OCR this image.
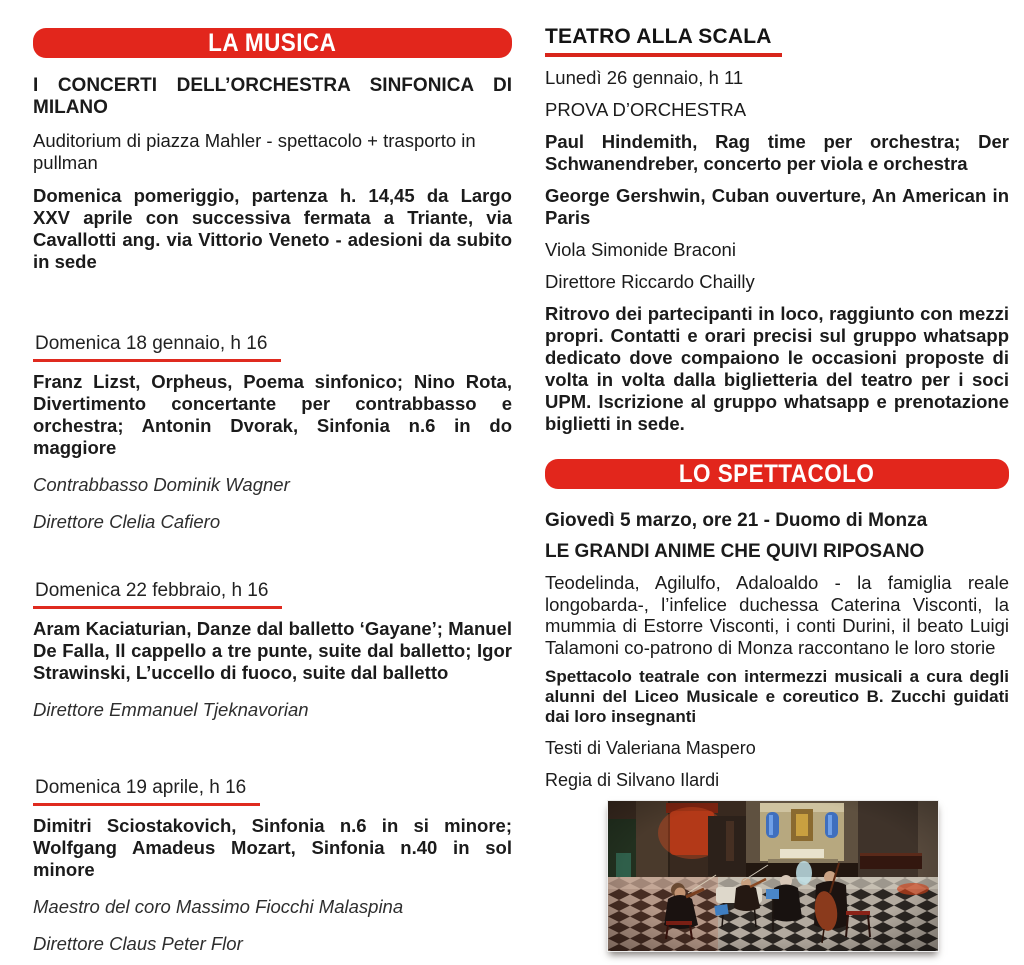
LA MUSICA

I CONCERTI DELL’ORCHESTRA SINFONICA DI MILANO

Auditorium di piazza Mahler - spettacolo + trasporto in pullman

Domenica pomeriggio, partenza h. 14,45 da Largo XXV aprile con successiva fermata a Triante, via Cavallotti ang. via Vittorio Veneto - adesioni da subito in sede

Domenica 18 gennaio, h 16

Franz Lizst, Orpheus, Poema sinfonico; Nino Rota, Divertimento concertante per contrabbasso e orchestra; Antonin Dvorak, Sinfonia n.6 in do maggiore

Contrabbasso Dominik Wagner

Direttore Clelia Cafiero

Domenica 22 febbraio, h 16

Aram Kaciaturian, Danze dal balletto ‘Gayane’; Manuel De Falla, Il cappello a tre punte, suite dal balletto; Igor Strawinski, L’uccello di fuoco, suite dal balletto

Direttore Emmanuel Tjeknavorian

Domenica 19 aprile, h 16

Dimitri Sciostakovich, Sinfonia n.6 in si minore; Wolfgang Amadeus Mozart, Sinfonia n.40 in sol minore

Maestro del coro Massimo Fiocchi Malaspina

Direttore Claus Peter Flor

TEATRO ALLA SCALA

Lunedì 26 gennaio, h 11

PROVA D’ORCHESTRA

Paul Hindemith, Rag time per orchestra; Der Schwanendreber, concerto per viola e orchestra

George Gershwin, Cuban ouverture, An American in Paris

Viola Simonide Braconi

Direttore Riccardo Chailly

Ritrovo dei partecipanti in loco, raggiunto con mezzi propri. Contatti e orari precisi sul gruppo whatsapp dedicato dove compaiono le occasioni proposte di volta in volta dalla biglietteria del teatro per i soci UPM. Iscrizione al gruppo whatsapp e prenotazione biglietti in sede.

LO SPETTACOLO

Giovedì 5 marzo, ore 21 - Duomo di Monza

LE GRANDI ANIME CHE QUIVI RIPOSANO

Teodelinda, Agilulfo, Adaloaldo - la famiglia reale longobarda-, l’infelice duchessa Caterina Visconti, la mummia di Estorre Visconti, i conti Durini, il beato Luigi Talamoni co-patrono di Monza raccontano le loro storie

Spettacolo teatrale con intermezzi musicali a cura degli alunni del Liceo Musicale e coreutico B. Zucchi guidati dai loro insegnanti

Testi di Valeriana Maspero

Regia di Silvano Ilardi
